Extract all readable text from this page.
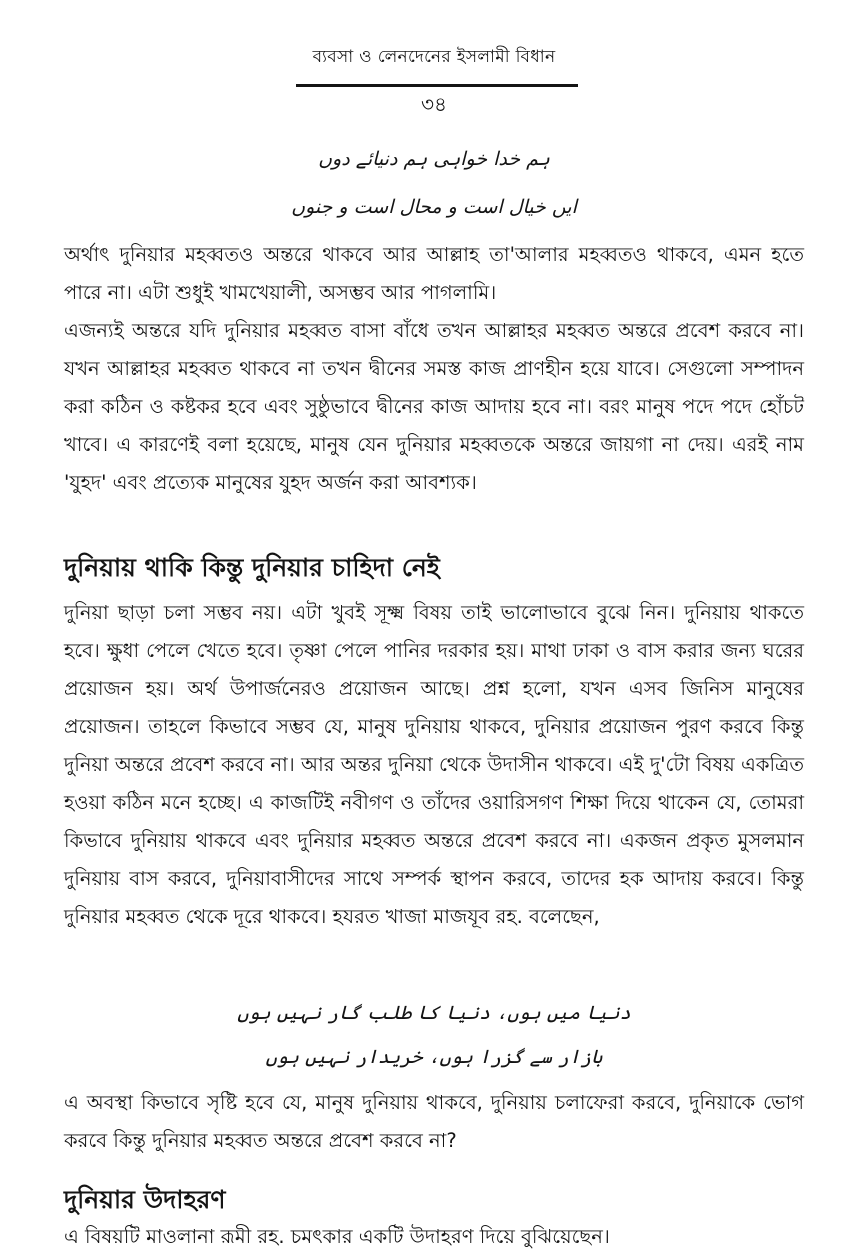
ব্যবসা ও লেনদেনের ইসলামী বিধান
৩৪
ہم خدا خواہی ہم دنیائے دوں
ایں خیال است و محال است و جنوں

অর্থাৎ দুনিয়ার মহব্বতও অন্তরে থাকবে আর আল্লাহ তা'আলার মহব্বতও থাকবে, এমন হতে পারে না। এটা শুধুই খামখেয়ালী, অসম্ভব আর পাগলামি।

এজন্যই অন্তরে যদি দুনিয়ার মহব্বত বাসা বাঁধে তখন আল্লাহর মহব্বত অন্তরে প্রবেশ করবে না। যখন আল্লাহর মহব্বত থাকবে না তখন দ্বীনের সমস্ত কাজ প্রাণহীন হয়ে যাবে। সেগুলো সম্পাদন করা কঠিন ও কষ্টকর হবে এবং সুষ্ঠুভাবে দ্বীনের কাজ আদায় হবে না। বরং মানুষ পদে পদে হোঁচট খাবে। এ কারণেই বলা হয়েছে, মানুষ যেন দুনিয়ার মহব্বতকে অন্তরে জায়গা না দেয়। এরই নাম 'যুহদ' এবং প্রত্যেক মানুষের যুহদ অর্জন করা আবশ্যক।

দুনিয়ায় থাকি কিন্তু দুনিয়ার চাহিদা নেই

দুনিয়া ছাড়া চলা সম্ভব নয়। এটা খুবই সূক্ষ্ম বিষয় তাই ভালোভাবে বুঝে নিন। দুনিয়ায় থাকতে হবে। ক্ষুধা পেলে খেতে হবে। তৃষ্ণা পেলে পানির দরকার হয়। মাথা ঢাকা ও বাস করার জন্য ঘরের প্রয়োজন হয়। অর্থ উপার্জনেরও প্রয়োজন আছে। প্রশ্ন হলো, যখন এসব জিনিস মানুষের প্রয়োজন। তাহলে কিভাবে সম্ভব যে, মানুষ দুনিয়ায় থাকবে, দুনিয়ার প্রয়োজন পুরণ করবে কিন্তু দুনিয়া অন্তরে প্রবেশ করবে না। আর অন্তর দুনিয়া থেকে উদাসীন থাকবে। এই দু'টো বিষয় একত্রিত হওয়া কঠিন মনে হচ্ছে। এ কাজটিই নবীগণ ও তাঁদের ওয়ারিসগণ শিক্ষা দিয়ে থাকেন যে, তোমরা কিভাবে দুনিয়ায় থাকবে এবং দুনিয়ার মহব্বত অন্তরে প্রবেশ করবে না। একজন প্রকৃত মুসলমান দুনিয়ায় বাস করবে, দুনিয়াবাসীদের সাথে সম্পর্ক স্থাপন করবে, তাদের হক আদায় করবে। কিন্তু দুনিয়ার মহব্বত থেকে দূরে থাকবে। হযরত খাজা মাজযূব রহ. বলেছেন,

دنیا میں ہوں، دنیا کا طلب گار نہیں ہوں
بازار سے گزرا ہوں، خریدار نہیں ہوں

এ অবস্থা কিভাবে সৃষ্টি হবে যে, মানুষ দুনিয়ায় থাকবে, দুনিয়ায় চলাফেরা করবে, দুনিয়াকে ভোগ করবে কিন্তু দুনিয়ার মহব্বত অন্তরে প্রবেশ করবে না?

দুনিয়ার উদাহরণ

এ বিষয়টি মাওলানা রূমী রহ. চমৎকার একটি উদাহরণ দিয়ে বুঝিয়েছেন।
